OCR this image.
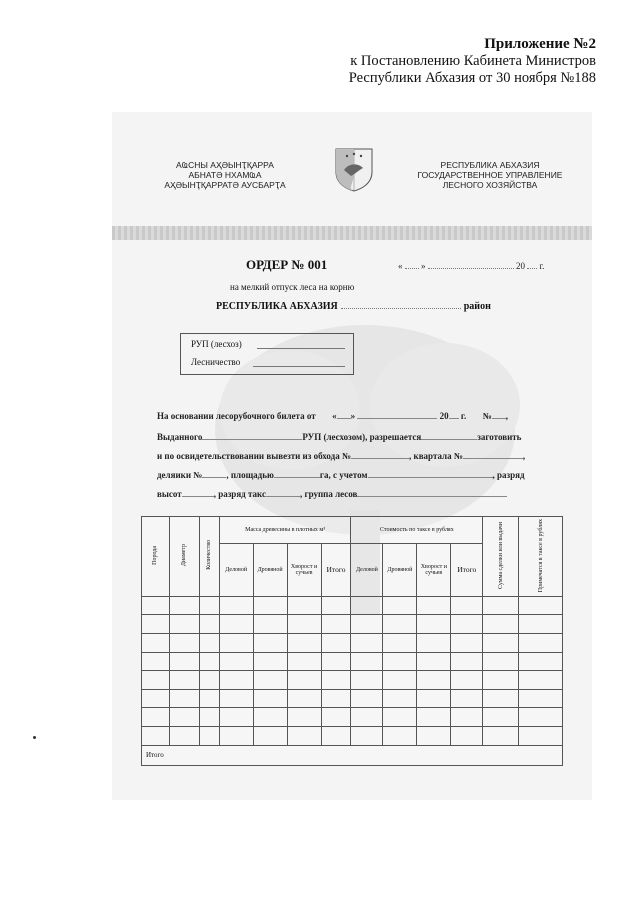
Приложение №2
к Постановлению Кабинета Министров
Республики Абхазия от 30 ноября №188
АҨСНЫ АҲӘЫНҬҚАРРА
АБНАТӘ НХАМҨА
АҲӘЫНҬҚАРРАТӘ АУСБАРҬА
РЕСПУБЛИКА АБХАЗИЯ
ГОСУДАРСТВЕННОЕ УПРАВЛЕНИЕ
ЛЕСНОГО ХОЗЯЙСТВА
ОРДЕР № 001	« »	20 г.
на мелкий отпуск леса на корню
РЕСПУБЛИКА АБХАЗИЯ	район
РУП (лесхоз)
Лесничество
На основании лесорубочного билета от « »	20 г. № ,
Выданного	РУП (лесхозом), разрешается	заготовить
и по освидетельствовании вывезти из обхода №	, квартала №	,
деляики №	, площадью	га, с учетом	, разряд
высот	, разряд такс	, группа лесов
Порода	Диаметр	Количество	Масса древесины в плотных м³				Стоимость по таксе в рублях				Сумма сделки или выдачи	Примечатся в таксе в рублях
			Деловой	Дровяной	Хворост и сучьев	Итого	Деловой	Дровяной	Хворост и сучьев	Итого		

Итого												
